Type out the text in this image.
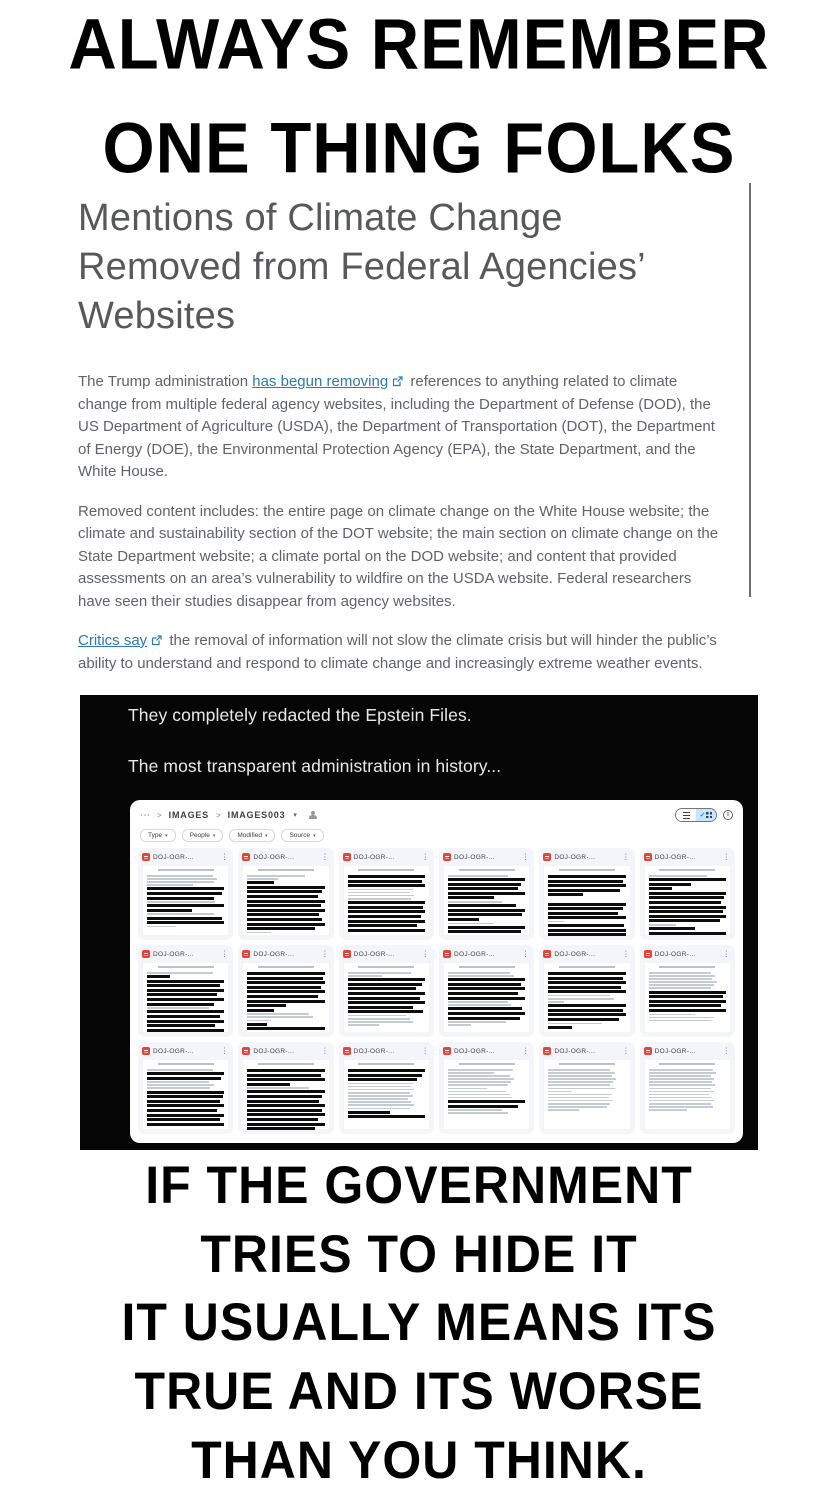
ALWAYS REMEMBER
ONE THING FOLKS
Mentions of Climate Change Removed from Federal Agencies’ Websites

The Trump administration has begun removing
references to anything related to climate change from multiple federal agency websites, including the Department of Defense (DOD), the US Department of Agriculture (USDA), the Department of Transportation (DOT), the Department of Energy (DOE), the Environmental Protection Agency (EPA), the State Department, and the White House.

Removed content includes: the entire page on climate change on the White House website; the climate and sustainability section of the DOT website; the main section on climate change on the State Department website; a climate portal on the DOD website; and content that provided assessments on an area’s vulnerability to wildfire on the USDA website. Federal researchers have seen their studies disappear from agency websites.

Critics say
the removal of information will not slow the climate crisis but will hinder the public’s ability to understand and respond to climate change and increasingly extreme weather events.

They completely redacted the Epstein Files.
The most transparent administration in history...
⋯ > IMAGES > IMAGES003 ▾	✓	i
Type ▾	People ▾	Modified ▾	Source ▾
DOJ-OGR-...	⋮	DOJ-OGR-...	⋮	DOJ-OGR-...	⋮	DOJ-OGR-...	⋮	DOJ-OGR-...	⋮	DOJ-OGR-...	⋮
DOJ-OGR-...	⋮	DOJ-OGR-...	⋮	DOJ-OGR-...	⋮	DOJ-OGR-...	⋮	DOJ-OGR-...	⋮	DOJ-OGR-...	⋮
DOJ-OGR-...	⋮	DOJ-OGR-...	⋮	DOJ-OGR-...	⋮	DOJ-OGR-...	⋮	DOJ-OGR-...	⋮	DOJ-OGR-...	⋮
IF THE GOVERNMENT
TRIES TO HIDE IT
IT USUALLY MEANS ITS
TRUE AND ITS WORSE
THAN YOU THINK.
